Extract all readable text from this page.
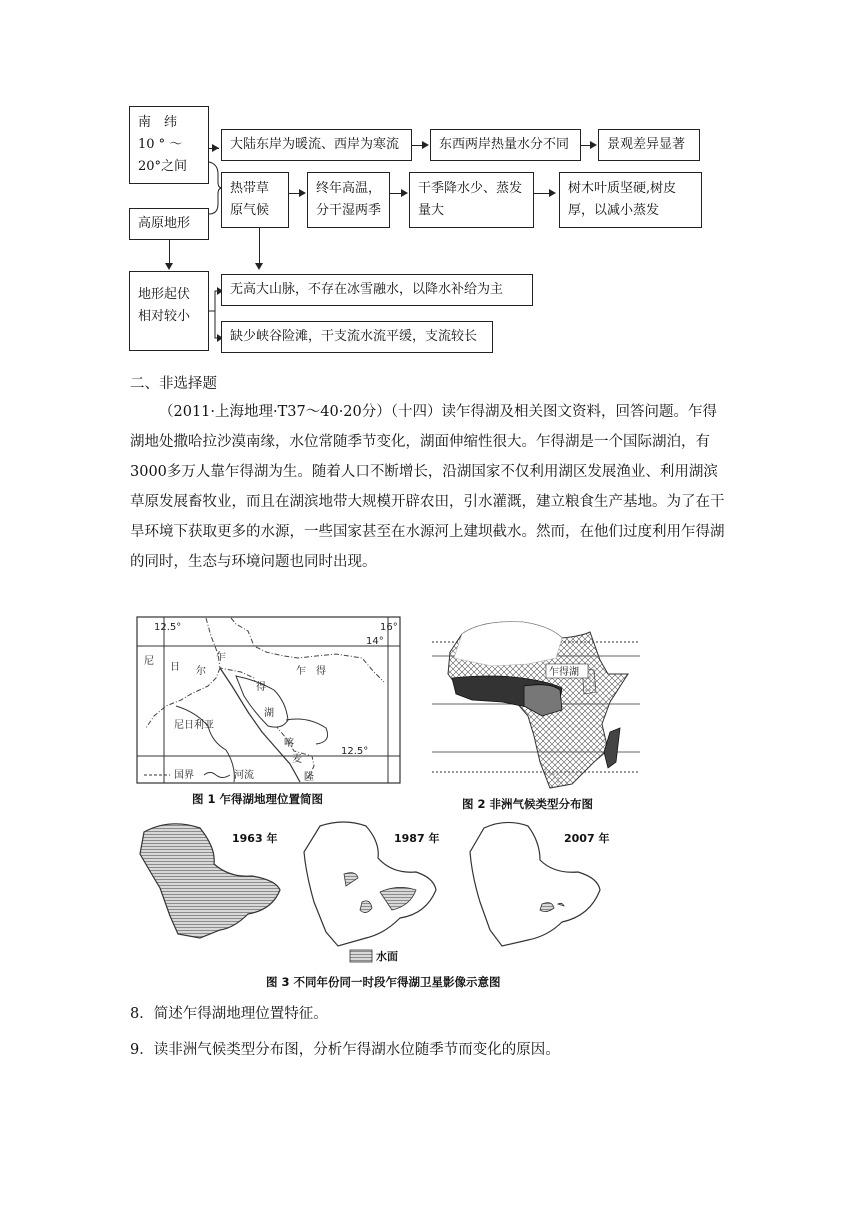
南　纬
10 ° ～
20°之间
高原地形
大陆东岸为暖流、西岸为寒流	东西两岸热量水分不同	景观差异显著
热带草
原气候
终年高温，
分干湿两季
干季降水少、蒸发
量大
树木叶质坚硬,树皮
厚，以减小蒸发
地形起伏
相对较小
无高大山脉，不存在冰雪融水，以降水补给为主
缺少峡谷险滩，干支流水流平缓，支流较长
二、非选择题
（2011·上海地理·T37～40·20分）（十四）读乍得湖及相关图文资料，回答问题。乍得湖地处撒哈拉沙漠南缘，水位常随季节变化，湖面伸缩性很大。乍得湖是一个国际湖泊，有3000多万人靠乍得湖为生。随着人口不断增长，沿湖国家不仅利用湖区发展渔业、利用湖滨草原发展畜牧业，而且在湖滨地带大规模开辟农田，引水灌溉，建立粮食生产基地。为了在干旱环境下获取更多的水源，一些国家甚至在水源河上建坝截水。然而，在他们过度利用乍得湖的同时，生态与环境问题也同时出现。
12.5°	16°
14°
12.5°
尼
日 尔
乍
得
湖
乍　得
尼日利亚
喀
麦
隆
国界	河流
图 1 乍得湖地理位置简图
乍得湖
图 2 非洲气候类型分布图
1963 年	1987 年	2007 年
水面
图 3 不同年份同一时段乍得湖卫星影像示意图
8．简述乍得湖地理位置特征。
9．读非洲气候类型分布图，分析乍得湖水位随季节而变化的原因。
